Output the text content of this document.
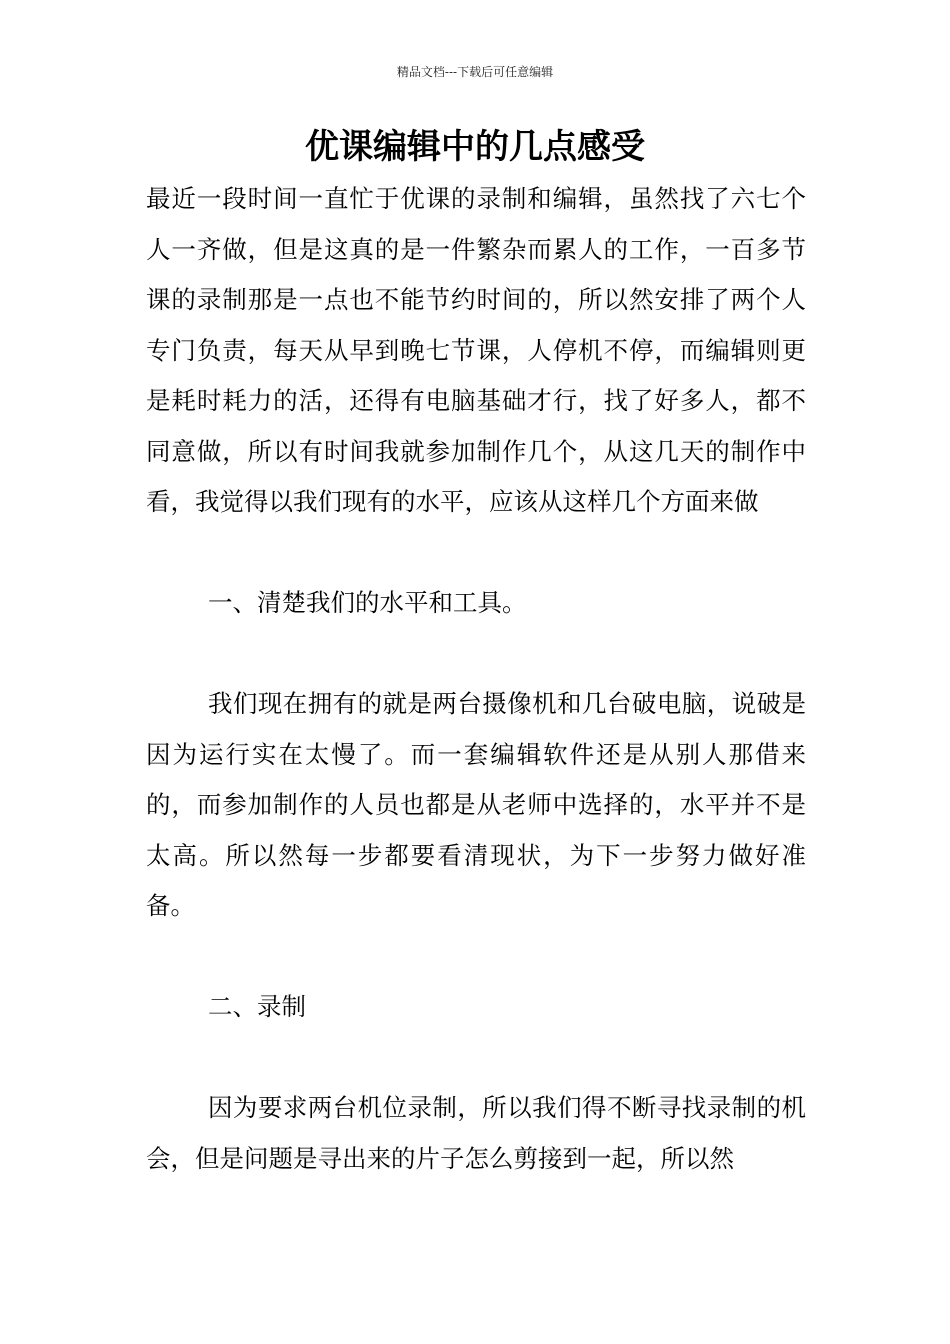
精品文档---下载后可任意编辑
优课编辑中的几点感受

最近一段时间一直忙于优课的录制和编辑，虽然找了六七个人一齐做，但是这真的是一件繁杂而累人的工作，一百多节课的录制那是一点也不能节约时间的，所以然安排了两个人专门负责，每天从早到晚七节课，人停机不停，而编辑则更是耗时耗力的活，还得有电脑基础才行，找了好多人，都不同意做，所以有时间我就参加制作几个，从这几天的制作中看，我觉得以我们现有的水平，应该从这样几个方面来做

一、清楚我们的水平和工具。

我们现在拥有的就是两台摄像机和几台破电脑，说破是因为运行实在太慢了。而一套编辑软件还是从别人那借来的，而参加制作的人员也都是从老师中选择的，水平并不是太高。所以然每一步都要看清现状，为下一步努力做好准备。

二、录制

因为要求两台机位录制，所以我们得不断寻找录制的机会，但是问题是寻出来的片子怎么剪接到一起，所以然
